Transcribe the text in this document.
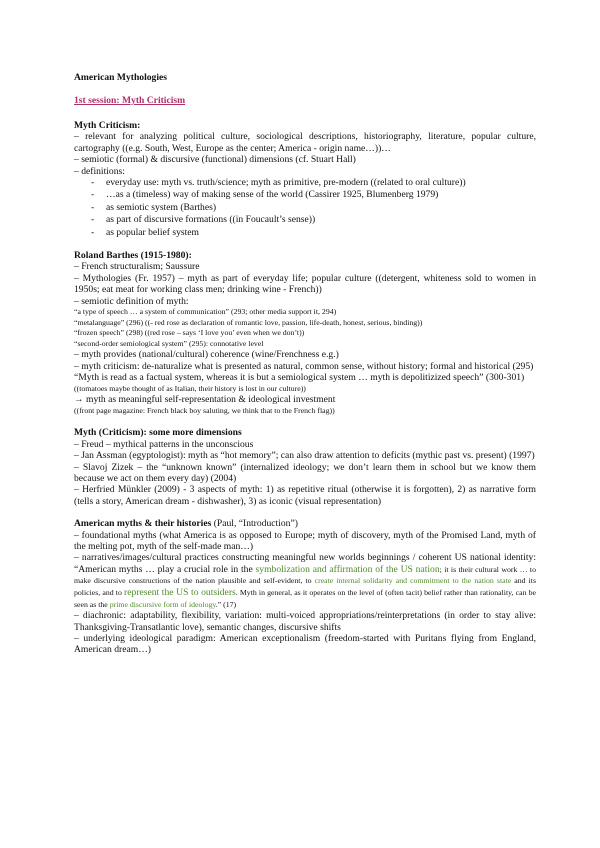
American Mythologies

1st session: Myth Criticism

Myth Criticism:

– relevant for analyzing political culture, sociological descriptions, historiography, literature, popular culture, cartography ((e.g. South, West, Europe as the center; America - origin name…))…

– semiotic (formal) & discursive (functional) dimensions (cf. Stuart Hall)

– definitions:

- everyday use: myth vs. truth/science; myth as primitive, pre-modern ((related to oral culture))
- …as a (timeless) way of making sense of the world (Cassirer 1925, Blumenberg 1979)
- as semiotic system (Barthes)
- as part of discursive formations ((in Foucault’s sense))
- as popular belief system

Roland Barthes (1915-1980):

– French structuralism; Saussure

– Mythologies (Fr. 1957) – myth as part of everyday life; popular culture ((detergent, whiteness sold to women in 1950s; eat meat for working class men; drinking wine - French))

– semiotic definition of myth:

“a type of speech … a system of communication” (293; other media support it, 294)

“metalanguage” (296) ((- red rose as declaration of romantic love, passion, life-death, honest, serious, binding))

“frozen speech” (298) ((red rose – says ‘I love you’ even when we don’t))

“second-order semiological system” (295): connotative level

– myth provides (national/cultural) coherence (wine/Frenchness e.g.)

– myth criticism: de-naturalize what is presented as natural, common sense, without history; formal and historical (295)

“Myth is read as a factual system, whereas it is but a semiological system … myth is depolitizized speech” (300-301)

((tomatoes maybe thought of as Italian, their history is lost in our culture))

→ myth as meaningful self-representation & ideological investment

((front page magazine: French black boy saluting, we think that to the French flag))

Myth (Criticism): some more dimensions

– Freud – mythical patterns in the unconscious

– Jan Assman (egyptologist): myth as “hot memory”; can also draw attention to deficits (mythic past vs. present) (1997)

– Slavoj Zizek – the “unknown known” (internalized ideology; we don’t learn them in school but we know them because we act on them every day) (2004)

– Herfried Münkler (2009) - 3 aspects of myth: 1) as repetitive ritual (otherwise it is forgotten), 2) as narrative form (tells a story, American dream - dishwasher), 3) as iconic (visual representation)

American myths & their histories (Paul, “Introduction”)

– foundational myths (what America is as opposed to Europe; myth of discovery, myth of the Promised Land, myth of the melting pot, myth of the self-made man…)

– narratives/images/cultural practices constructing meaningful new worlds beginnings / coherent US national identity: “American myths … play a crucial role in the symbolization and affirmation of the US nation; it is their cultural work … to make discursive constructions of the nation plausible and self-evident, to create internal solidarity and commitment to the nation state and its policies, and to represent the US to outsiders. Myth in general, as it operates on the level of (often tacit) belief rather than rationality, can be seen as the prime discursive form of ideology.” (17)

– diachronic: adaptability, flexibility, variation: multi-voiced appropriations/reinterpretations (in order to stay alive: Thanksgiving-Transatlantic love), semantic changes, discursive shifts

– underlying ideological paradigm: American exceptionalism (freedom-started with Puritans flying from England, American dream…)
